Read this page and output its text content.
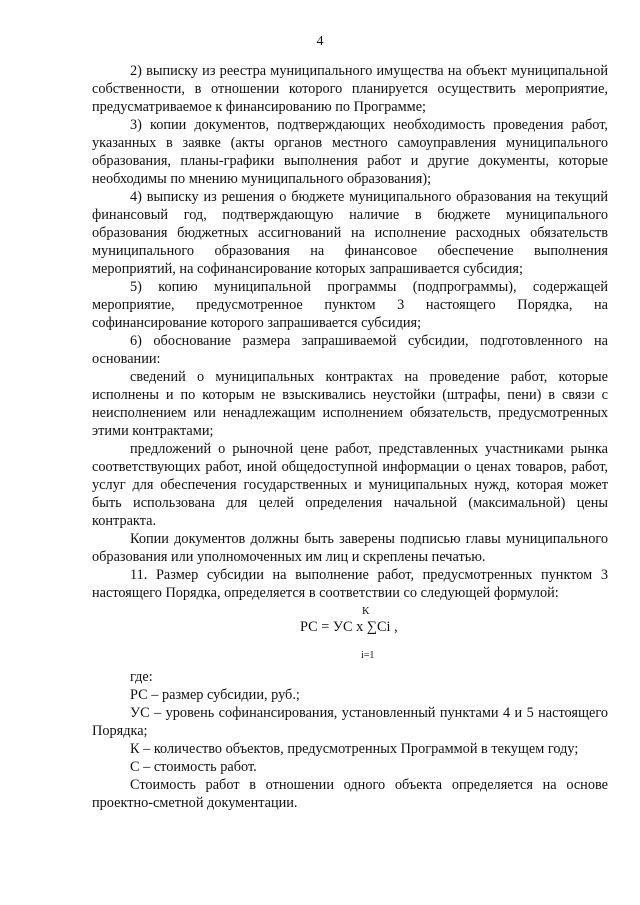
4

2) выписку из реестра муниципального имущества на объект муниципальной собственности, в отношении которого планируется осуществить мероприятие, предусматриваемое к финансированию по Программе;

3) копии документов, подтверждающих необходимость проведения работ, указанных в заявке (акты органов местного самоуправления муниципального образования, планы-графики выполнения работ и другие документы, которые необходимы по мнению муниципального образования);

4) выписку из решения о бюджете муниципального образования на текущий финансовый год, подтверждающую наличие в бюджете муниципального образования бюджетных ассигнований на исполнение расходных обязательств муниципального образования на финансовое обеспечение выполнения мероприятий, на софинансирование которых запрашивается субсидия;

5) копию муниципальной программы (подпрограммы), содержащей мероприятие, предусмотренное пунктом 3 настоящего Порядка, на софинансирование которого запрашивается субсидия;

6) обоснование размера запрашиваемой субсидии, подготовленного на основании:

сведений о муниципальных контрактах на проведение работ, которые исполнены и по которым не взыскивались неустойки (штрафы, пени) в связи с неисполнением или ненадлежащим исполнением обязательств, предусмотренных этими контрактами;

предложений о рыночной цене работ, представленных участниками рынка соответствующих работ, иной общедоступной информации о ценах товаров, работ, услуг для обеспечения государственных и муниципальных нужд, которая может быть использована для целей определения начальной (максимальной) цены контракта.

Копии документов должны быть заверены подписью главы муниципального образования или уполномоченных им лиц и скреплены печатью.

11. Размер субсидии на выполнение работ, предусмотренных пунктом 3 настоящего Порядка, определяется в соответствии со следующей формулой:

К
РС = УС х ∑Сi ,
i=1

где:

РС – размер субсидии, руб.;

УС – уровень софинансирования, установленный пунктами 4 и 5 настоящего Порядка;

К – количество объектов, предусмотренных Программой в текущем году;

С – стоимость работ.

Стоимость работ в отношении одного объекта определяется на основе проектно-сметной документации.
